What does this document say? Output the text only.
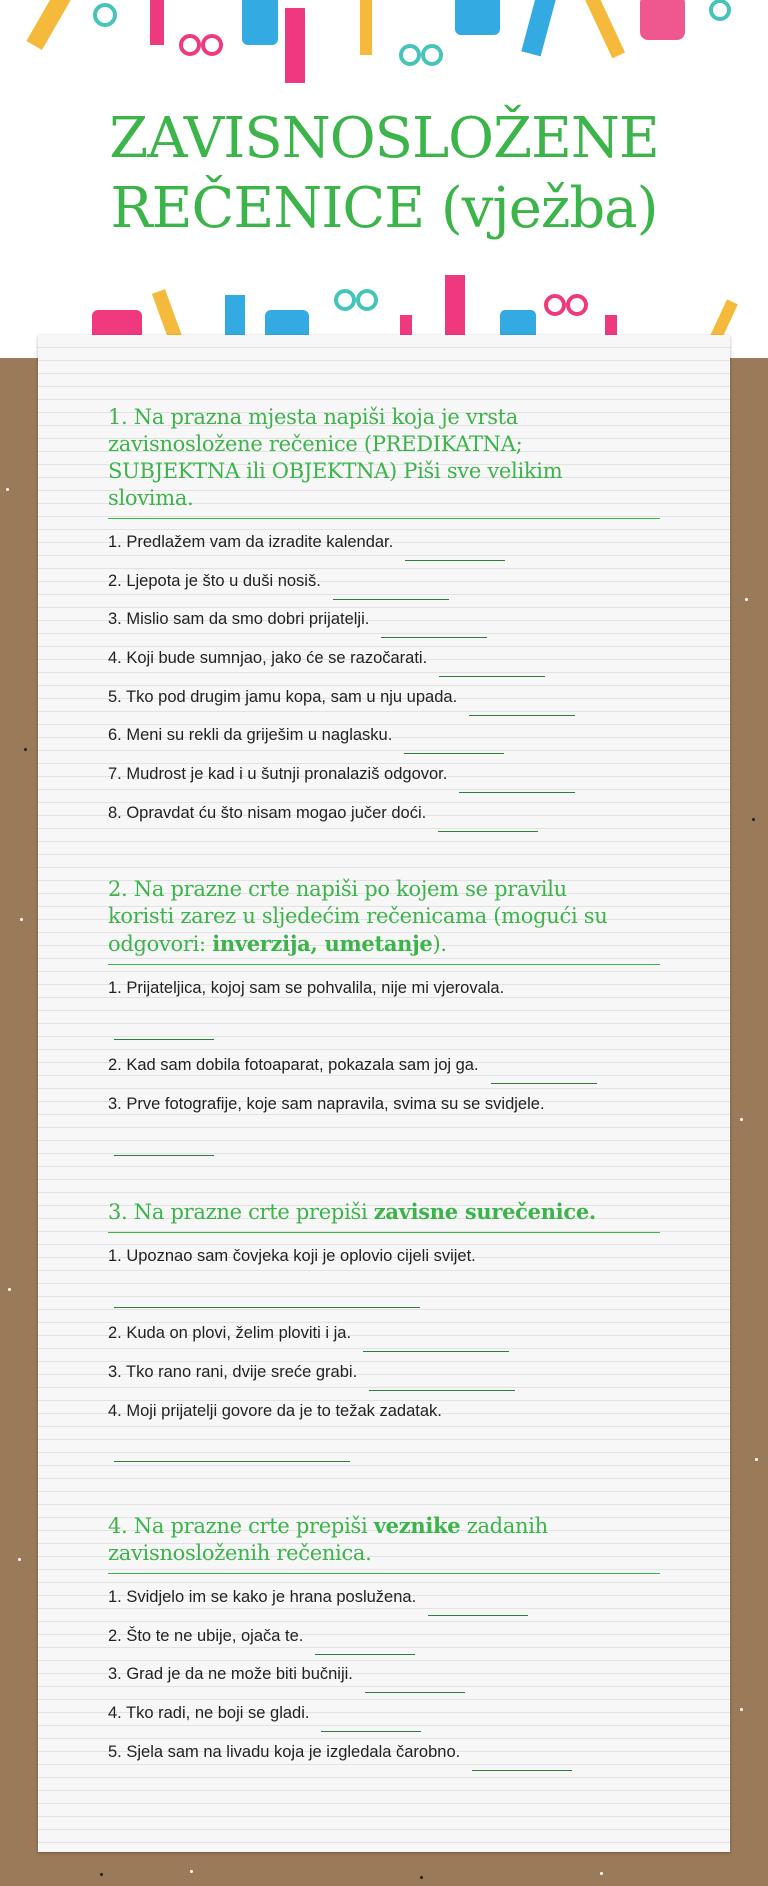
ZAVISNOSLOŽENE
REČENICE (vježba)
1. Na prazna mjesta napiši koja je vrsta zavisnosložene rečenice (PREDIKATNA; SUBJEKTNA ili OBJEKTNA) Piši sve velikim slovima.
1. Predlažem vam da izradite kalendar.
2. Ljepota je što u duši nosiš.
3. Mislio sam da smo dobri prijatelji.
4. Koji bude sumnjao, jako će se razočarati.
5. Tko pod drugim jamu kopa, sam u nju upada.
6. Meni su rekli da griješim u naglasku.
7. Mudrost je kad i u šutnji pronalaziš odgovor.
8. Opravdat ću što nisam mogao jučer doći.
2. Na prazne crte napiši po kojem se pravilu koristi zarez u sljedećim rečenicama (mogući su odgovori: inverzija, umetanje).
1. Prijateljica, kojoj sam se pohvalila, nije mi vjerovala.
2. Kad sam dobila fotoaparat, pokazala sam joj ga.
3. Prve fotografije, koje sam napravila, svima su se svidjele.
3. Na prazne crte prepiši zavisne surečenice.
1. Upoznao sam čovjeka koji je oplovio cijeli svijet.
2. Kuda on plovi, želim ploviti i ja.
3. Tko rano rani, dvije sreće grabi.
4. Moji prijatelji govore da je to težak zadatak.
4. Na prazne crte prepiši veznike zadanih zavisnosloženih rečenica.
1. Svidjelo im se kako je hrana poslužena.
2. Što te ne ubije, ojača te.
3. Grad je da ne može biti bučniji.
4. Tko radi, ne boji se gladi.
5. Sjela sam na livadu koja je izgledala čarobno.
